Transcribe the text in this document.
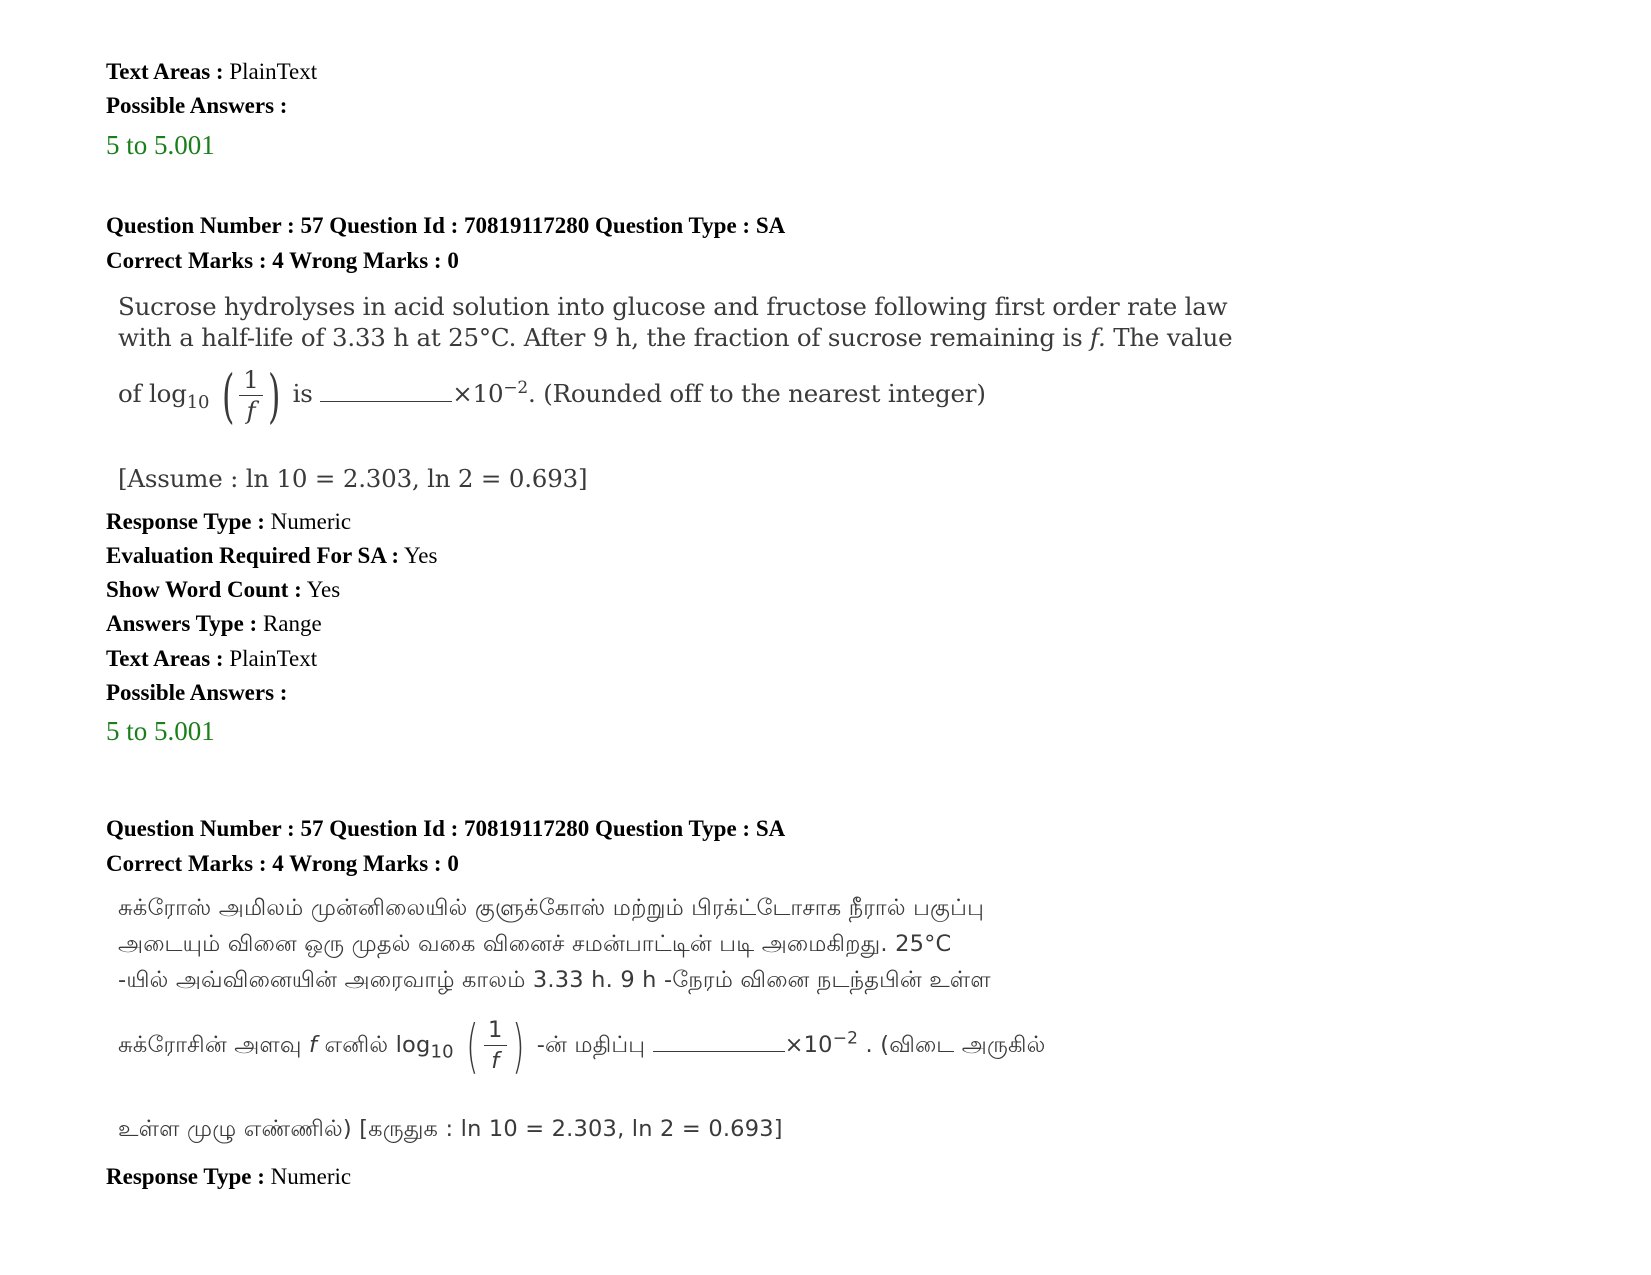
Text Areas : PlainText
Possible Answers :
5 to 5.001
Question Number : 57 Question Id : 70819117280 Question Type : SA
Correct Marks : 4 Wrong Marks : 0
Sucrose hydrolyses in acid solution into glucose and fructose following first order rate law
with a half-life of 3.33 h at 25°C. After 9 h, the fraction of sucrose remaining is f. The value
of $\log_{10}$ ( $\frac{1}{f}$ ) is	$\times 10^{-2}$. (Rounded off to the nearest integer)
[Assume : ln 10 = 2.303, ln 2 = 0.693]
Response Type : Numeric
Evaluation Required For SA : Yes
Show Word Count : Yes
Answers Type : Range
Text Areas : PlainText
Possible Answers :
5 to 5.001
Question Number : 57 Question Id : 70819117280 Question Type : SA
Correct Marks : 4 Wrong Marks : 0
சுக்ரோஸ் அமிலம் முன்னிலையில் குளுக்கோஸ் மற்றும் பிரக்ட்டோசாக நீரால் பகுப்பு
அடையும் வினை ஒரு முதல் வகை வினைச் சமன்பாட்டின் படி அமைகிறது. 25°C
-யில் அவ்வினையின் அரைவாழ் காலம் 3.33 h. 9 h -நேரம் வினை நடந்தபின் உள்ள
சுக்ரோசின் அளவு f எனில் $\log_{10}$ ( $\frac{1}{f}$ ) -ன் மதிப்பு	$\times 10^{-2}$ . (விடை அருகில்
உள்ள முழு எண்ணில்) [கருதுக : ln 10 = 2.303, ln 2 = 0.693]
Response Type : Numeric
